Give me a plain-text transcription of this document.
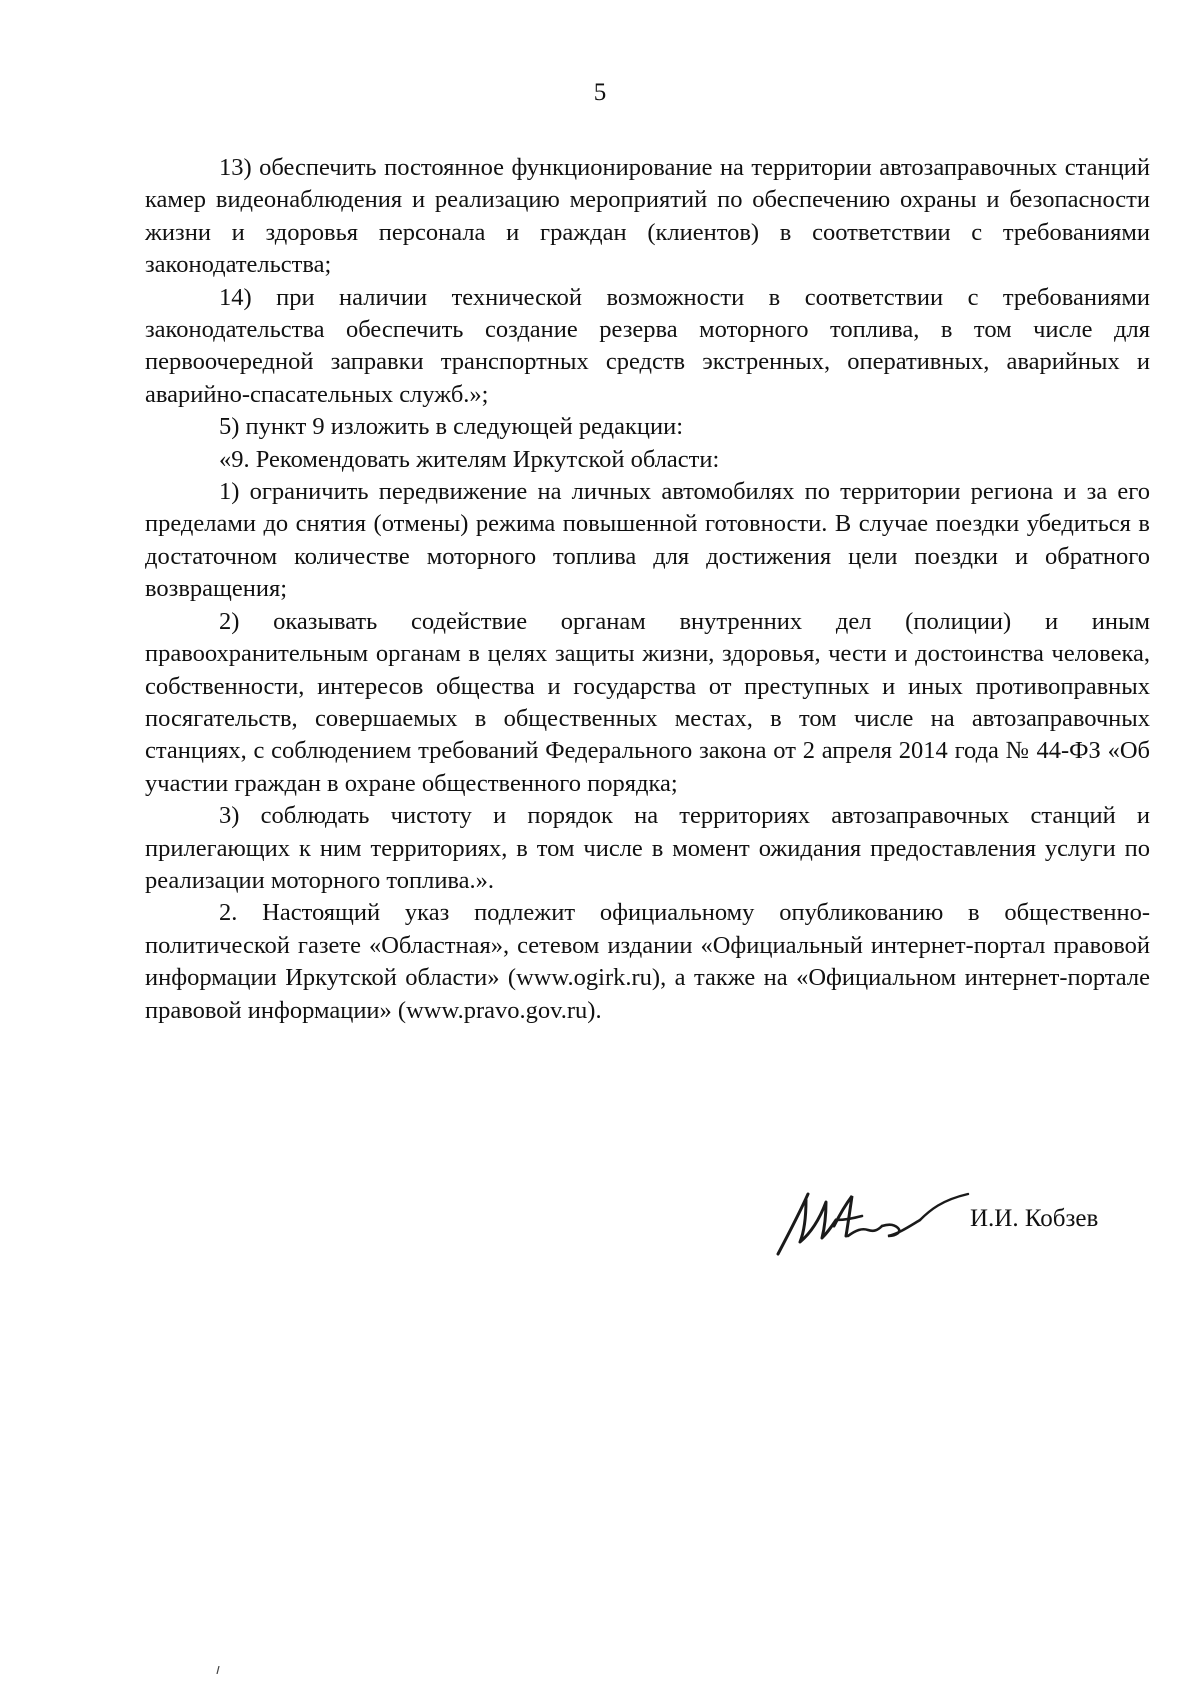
5

13) обеспечить постоянное функционирование на территории автозаправочных станций камер видеонаблюдения и реализацию мероприятий по обеспечению охраны и безопасности жизни и здоровья персонала и граждан (клиентов) в соответствии с требованиями законодательства;

14) при наличии технической возможности в соответствии с требованиями законодательства обеспечить создание резерва моторного топлива, в том числе для первоочередной заправки транспортных средств экстренных, оперативных, аварийных и аварийно-спасательных служб.»;

5) пункт 9 изложить в следующей редакции:

«9. Рекомендовать жителям Иркутской области:

1) ограничить передвижение на личных автомобилях по территории региона и за его пределами до снятия (отмены) режима повышенной готовности. В случае поездки убедиться в достаточном количестве моторного топлива для достижения цели поездки и обратного возвращения;

2) оказывать содействие органам внутренних дел (полиции) и иным правоохранительным органам в целях защиты жизни, здоровья, чести и достоинства человека, собственности, интересов общества и государства от преступных и иных противоправных посягательств, совершаемых в общественных местах, в том числе на автозаправочных станциях, с соблюдением требований Федерального закона от 2 апреля 2014 года № 44-ФЗ «Об участии граждан в охране общественного порядка;

3) соблюдать чистоту и порядок на территориях автозаправочных станций и прилегающих к ним территориях, в том числе в момент ожидания предоставления услуги по реализации моторного топлива.».

2. Настоящий указ подлежит официальному опубликованию в общественно-политической газете «Областная», сетевом издании «Официальный интернет-портал правовой информации Иркутской области» (www.ogirk.ru), а также на «Официальном интернет-портале правовой информации» (www.pravo.gov.ru).

И.И. Кобзев
